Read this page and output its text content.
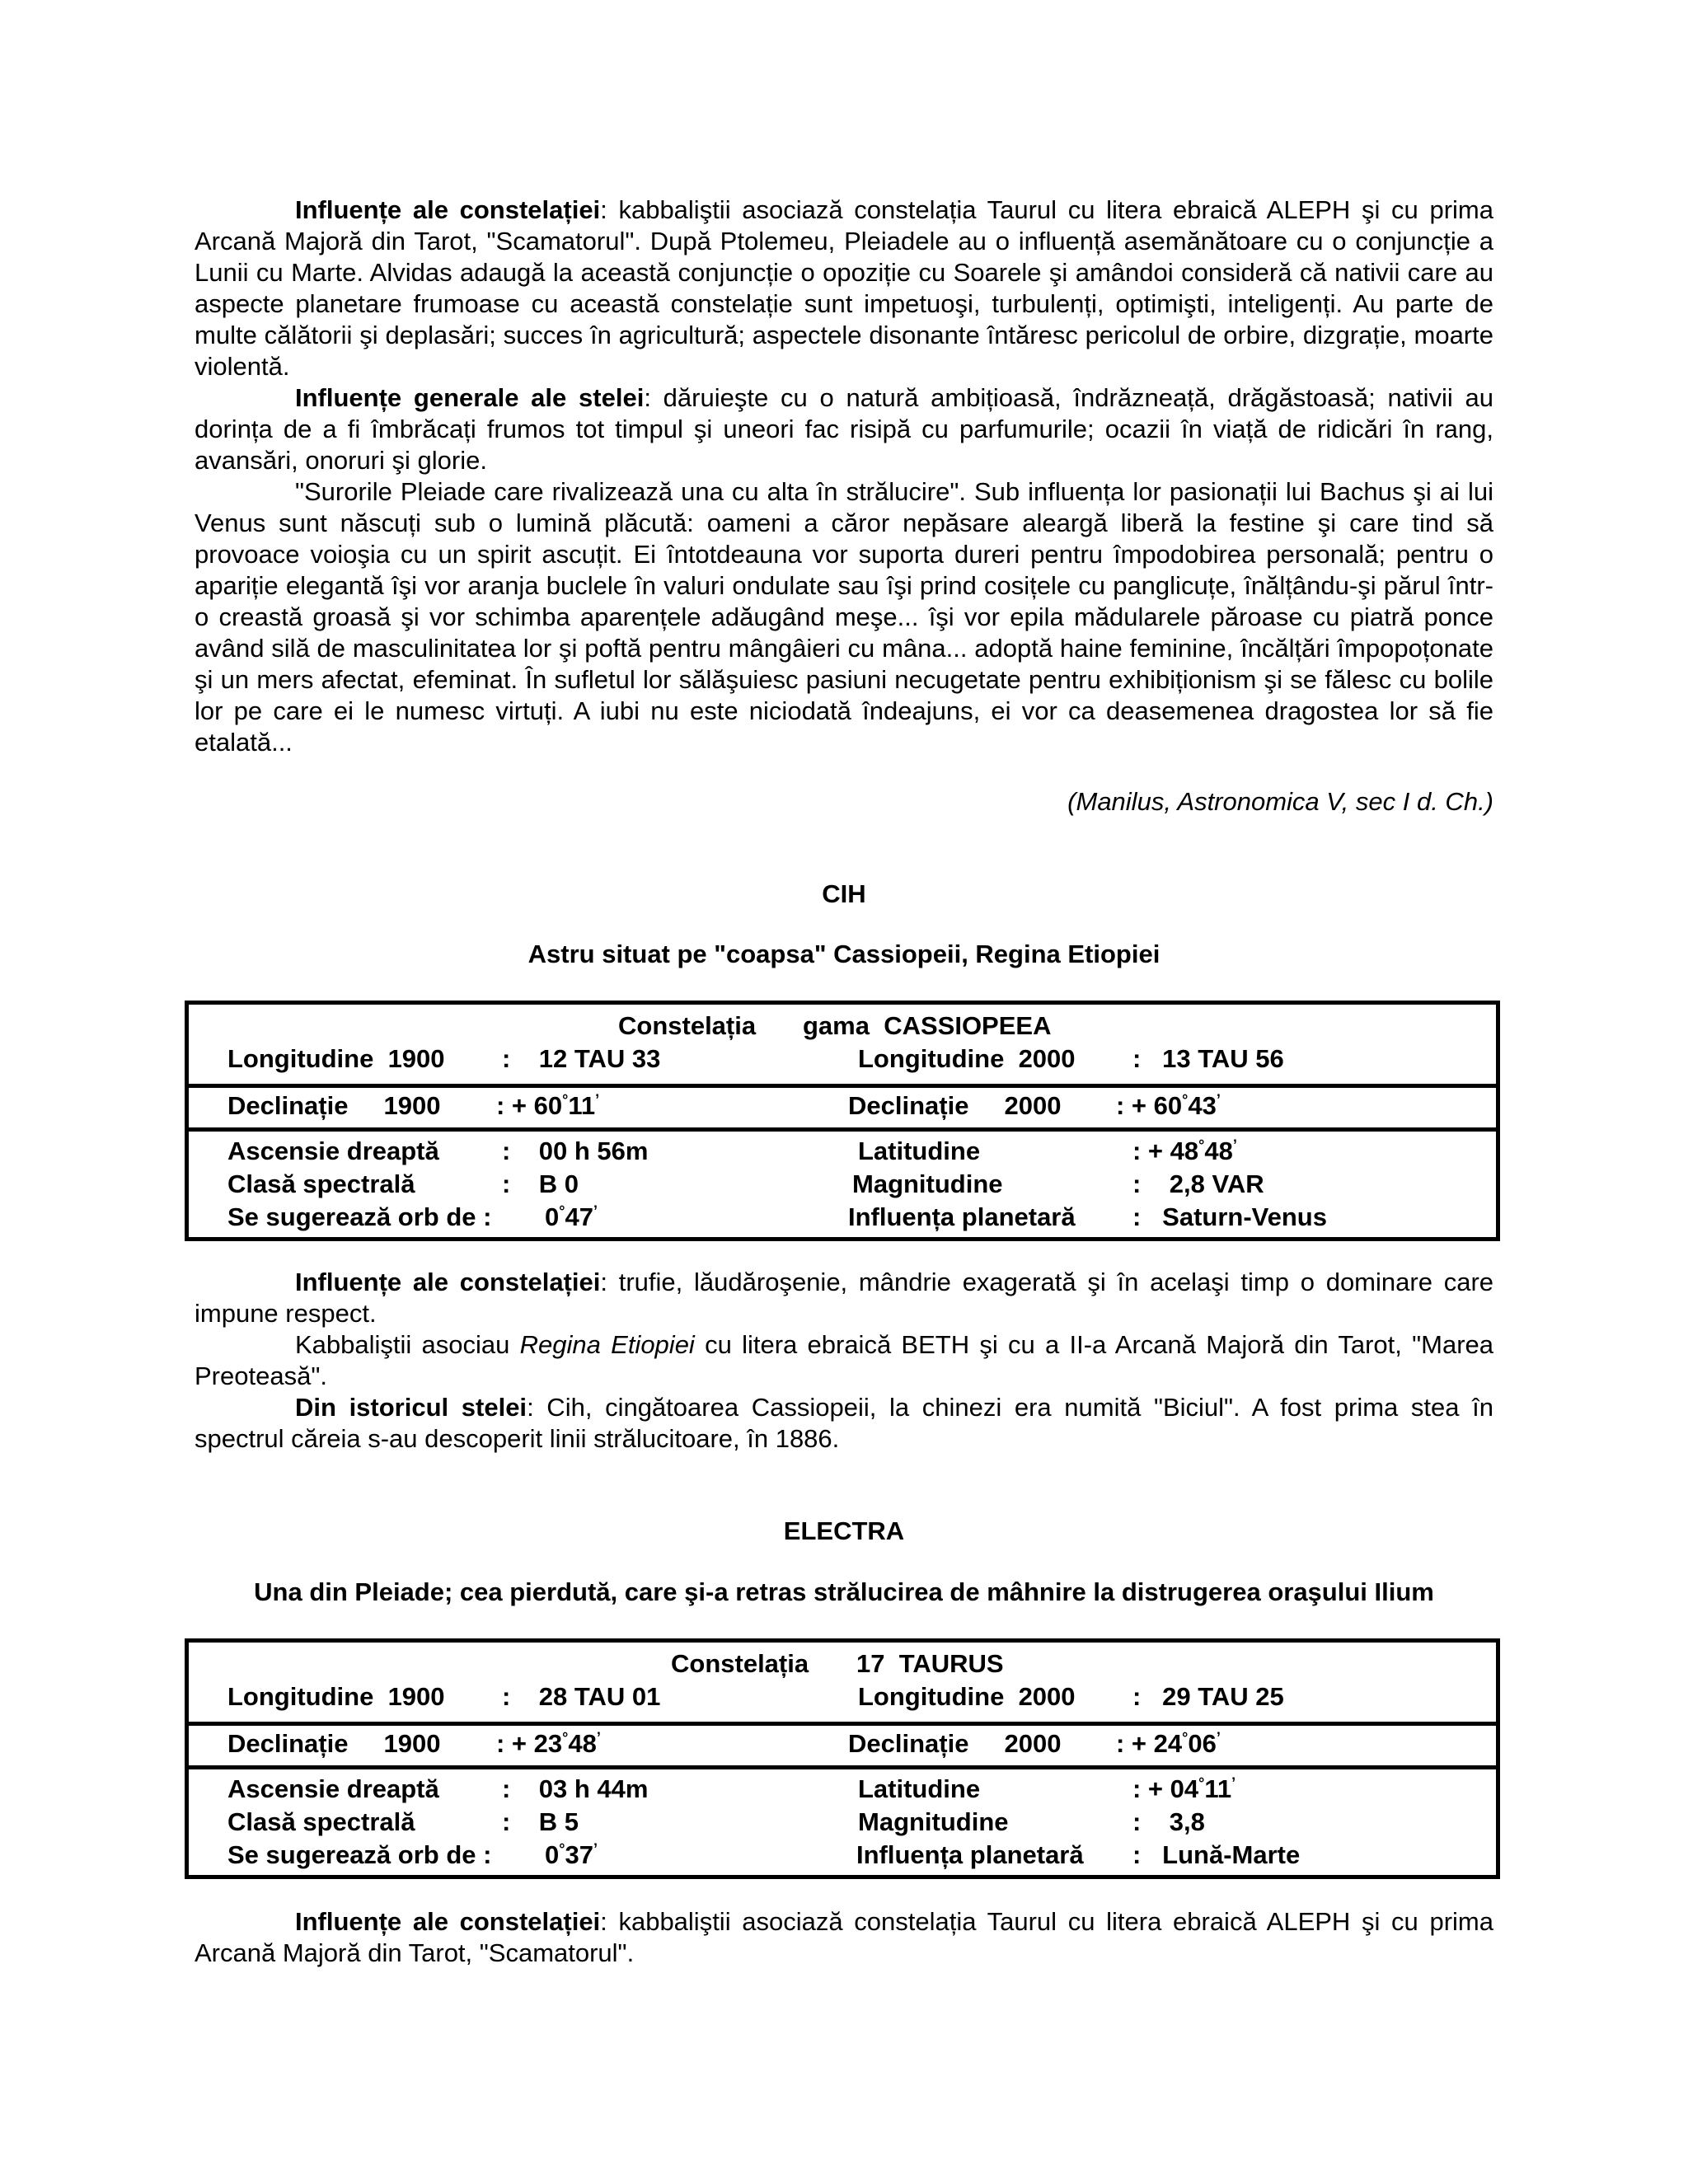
Influențe ale constelației: kabbaliştii asociază constelația Taurul cu litera ebraică ALEPH şi cu prima Arcană Majoră din Tarot, "Scamatorul". După Ptolemeu, Pleiadele au o influență asemănătoare cu o conjuncție a Lunii cu Marte. Alvidas adaugă la această conjuncție o opoziție cu Soarele şi amândoi consideră că nativii care au aspecte planetare frumoase cu această constelație sunt impetuoşi, turbulenți, optimişti, inteligenți. Au parte de multe călătorii şi deplasări; succes în agricultură; aspectele disonante întăresc pericolul de orbire, dizgrație, moarte violentă.

Influențe generale ale stelei: dăruieşte cu o natură ambițioasă, îndrăzneață, drăgăstoasă; nativii au dorința de a fi îmbrăcați frumos tot timpul şi uneori fac risipă cu parfumurile; ocazii în viață de ridicări în rang, avansări, onoruri şi glorie.

"Surorile Pleiade care rivalizează una cu alta în strălucire". Sub influența lor pasionații lui Bachus şi ai lui Venus sunt născuți sub o lumină plăcută: oameni a căror nepăsare aleargă liberă la festine şi care tind să provoace voioşia cu un spirit ascuțit. Ei întotdeauna vor suporta dureri pentru împodobirea personală; pentru o apariție elegantă îşi vor aranja buclele în valuri ondulate sau îşi prind cosițele cu panglicuțe, înălțându-şi părul într-o creastă groasă şi vor schimba aparențele adăugând meşe... îşi vor epila mădularele păroase cu piatră ponce având silă de masculinitatea lor şi poftă pentru mângâieri cu mâna... adoptă haine feminine, încălțări împopoțonate şi un mers afectat, efeminat. În sufletul lor sălăşuiesc pasiuni necugetate pentru exhibiționism şi se fălesc cu bolile lor pe care ei le numesc virtuți. A iubi nu este niciodată îndeajuns, ei vor ca deasemenea dragostea lor să fie etalată...

(Manilus, Astronomica V, sec I d. Ch.)

CIH

Astru situat pe "coapsa" Cassiopeii, Regina Etiopiei

Constelația gama  CASSIOPEEA
Longitudine  1900 :    12 TAU 33	Longitudine  2000 :   13 TAU 56
Declinație     1900 : + 60°11’	Declinație     2000 : + 60°43’
Ascensie dreaptă :    00 h 56m	Latitudine	: + 48°48’
Clasă spectrală	:    B 0	Magnitudine	:    2,8 VAR
Se sugerează orb de : 0°47’	Influența planetară :   Saturn-Venus

Influențe ale constelației: trufie, lăudăroşenie, mândrie exagerată şi în acelaşi timp o dominare care impune respect.

Kabbaliştii asociau Regina Etiopiei cu litera ebraică BETH şi cu a II-a Arcană Majoră din Tarot, "Marea Preoteasă".

Din istoricul stelei: Cih, cingătoarea Cassiopeii, la chinezi era numită "Biciul". A fost prima stea în spectrul căreia s-au descoperit linii strălucitoare, în 1886.

ELECTRA

Una din Pleiade; cea pierdută, care şi-a retras strălucirea de mâhnire la distrugerea oraşului Ilium

Constelația 17  TAURUS
Longitudine  1900 :    28 TAU 01	Longitudine  2000 :   29 TAU 25
Declinație     1900 : + 23°48’	Declinație     2000 : + 24°06’
Ascensie dreaptă :    03 h 44m	Latitudine	: + 04°11’
Clasă spectrală	:    B 5	Magnitudine	:    3,8
Se sugerează orb de : 0°37’	Influența planetară :   Lună-Marte

Influențe ale constelației: kabbaliştii asociază constelația Taurul cu litera ebraică ALEPH şi cu prima Arcană Majoră din Tarot, "Scamatorul".
